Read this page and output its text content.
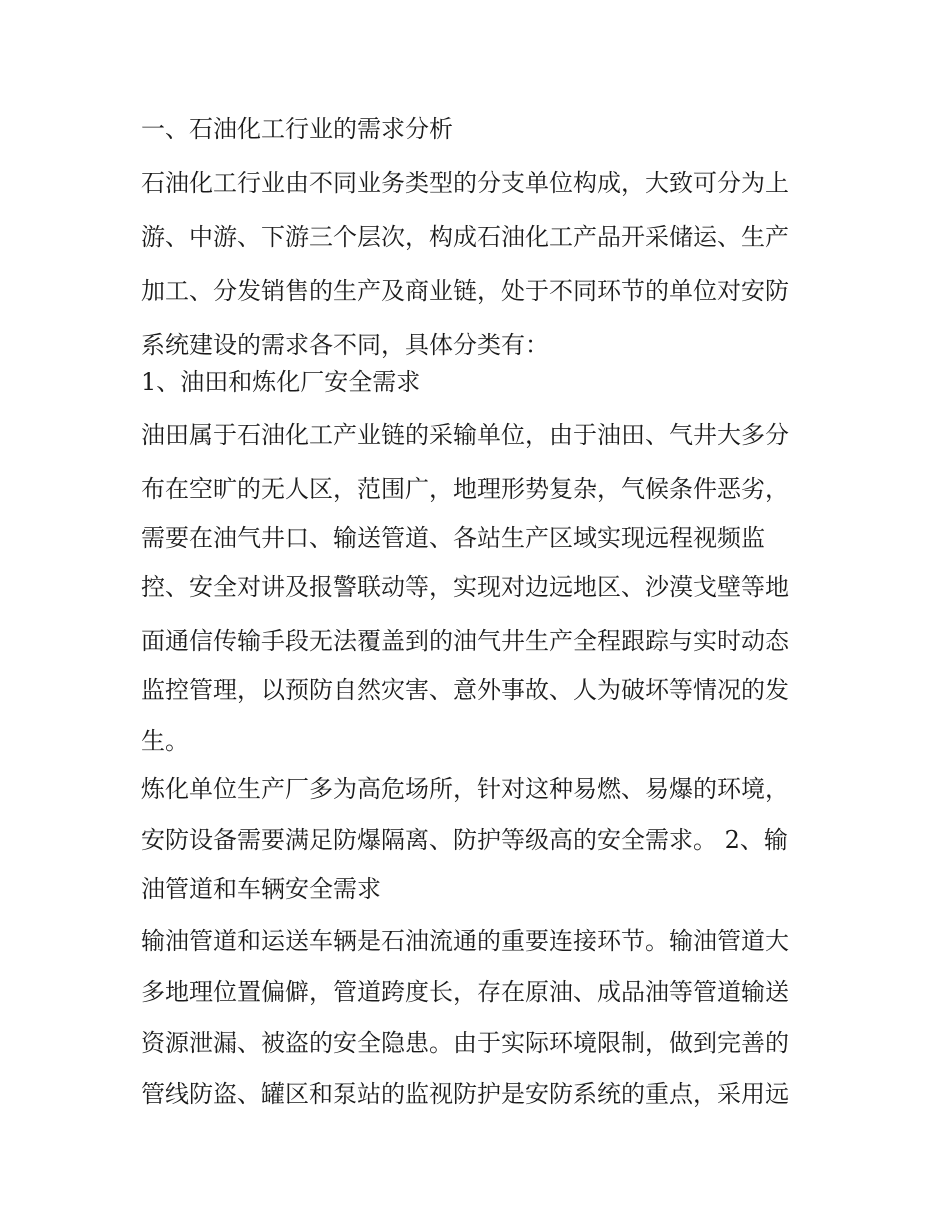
一、石油化工行业的需求分析

石油化工行业由不同业务类型的分支单位构成，大致可分为上

游、中游、下游三个层次，构成石油化工产品开采储运、生产

加工、分发销售的生产及商业链，处于不同环节的单位对安防

系统建设的需求各不同，具体分类有：

1、油田和炼化厂安全需求

油田属于石油化工产业链的采输单位，由于油田、气井大多分

布在空旷的无人区，范围广，地理形势复杂，气候条件恶劣，

需要在油气井口、输送管道、各站生产区域实现远程视频监

控、安全对讲及报警联动等，实现对边远地区、沙漠戈壁等地

面通信传输手段无法覆盖到的油气井生产全程跟踪与实时动态

监控管理，以预防自然灾害、意外事故、人为破坏等情况的发

生。

炼化单位生产厂多为高危场所，针对这种易燃、易爆的环境，

安防设备需要满足防爆隔离、防护等级高的安全需求。 2、输

油管道和车辆安全需求

输油管道和运送车辆是石油流通的重要连接环节。输油管道大

多地理位置偏僻，管道跨度长，存在原油、成品油等管道输送

资源泄漏、被盗的安全隐患。由于实际环境限制，做到完善的

管线防盗、罐区和泵站的监视防护是安防系统的重点，采用远
